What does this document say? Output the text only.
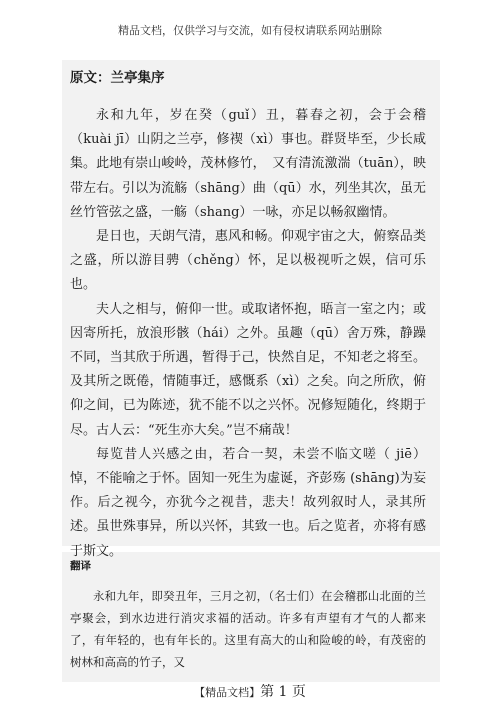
精品文档，仅供学习与交流，如有侵权请联系网站删除
原文：兰亭集序

永和九年，岁在癸（guǐ）丑，暮春之初，会于会稽（kuài jī）山阴之兰亭，修禊（xì）事也。群贤毕至，少长咸集。此地有崇山峻岭，茂林修竹，　又有清流激湍（tuān），映带左右。引以为流觞（shāng）曲（qū）水，列坐其次，虽无丝竹管弦之盛，一觞（shang）一咏，亦足以畅叙幽情。

是日也，天朗气清，惠风和畅。仰观宇宙之大，俯察品类之盛，所以游目骋（chěng）怀，足以极视听之娱，信可乐也。

夫人之相与，俯仰一世。或取诸怀抱，晤言一室之内；或因寄所托，放浪形骸（hái）之外。虽趣（qū）舍万殊，静躁不同，当其欣于所遇，暂得于己，快然自足，不知老之将至。及其所之既倦，情随事迁，感慨系（xì）之矣。向之所欣，俯仰之间，已为陈迹，犹不能不以之兴怀。况修短随化，终期于尽。古人云：“死生亦大矣。”岂不痛哉！

每览昔人兴感之由，若合一契，未尝不临文嗟（ jiē）悼，不能喻之于怀。固知一死生为虚诞，齐彭殇 (shāng)为妄作。后之视今，亦犹今之视昔，悲夫！故列叙时人，录其所述。虽世殊事异，所以兴怀，其致一也。后之览者，亦将有感于斯文。

翻译

永和九年，即癸丑年，三月之初，（名士们）在会稽郡山北面的兰亭聚会，到水边进行消灾求福的活动。许多有声望有才气的人都来了，有年轻的，也有年长的。这里有高大的山和险峻的岭，有茂密的树林和高高的竹子，又

【精品文档】第 1 页
